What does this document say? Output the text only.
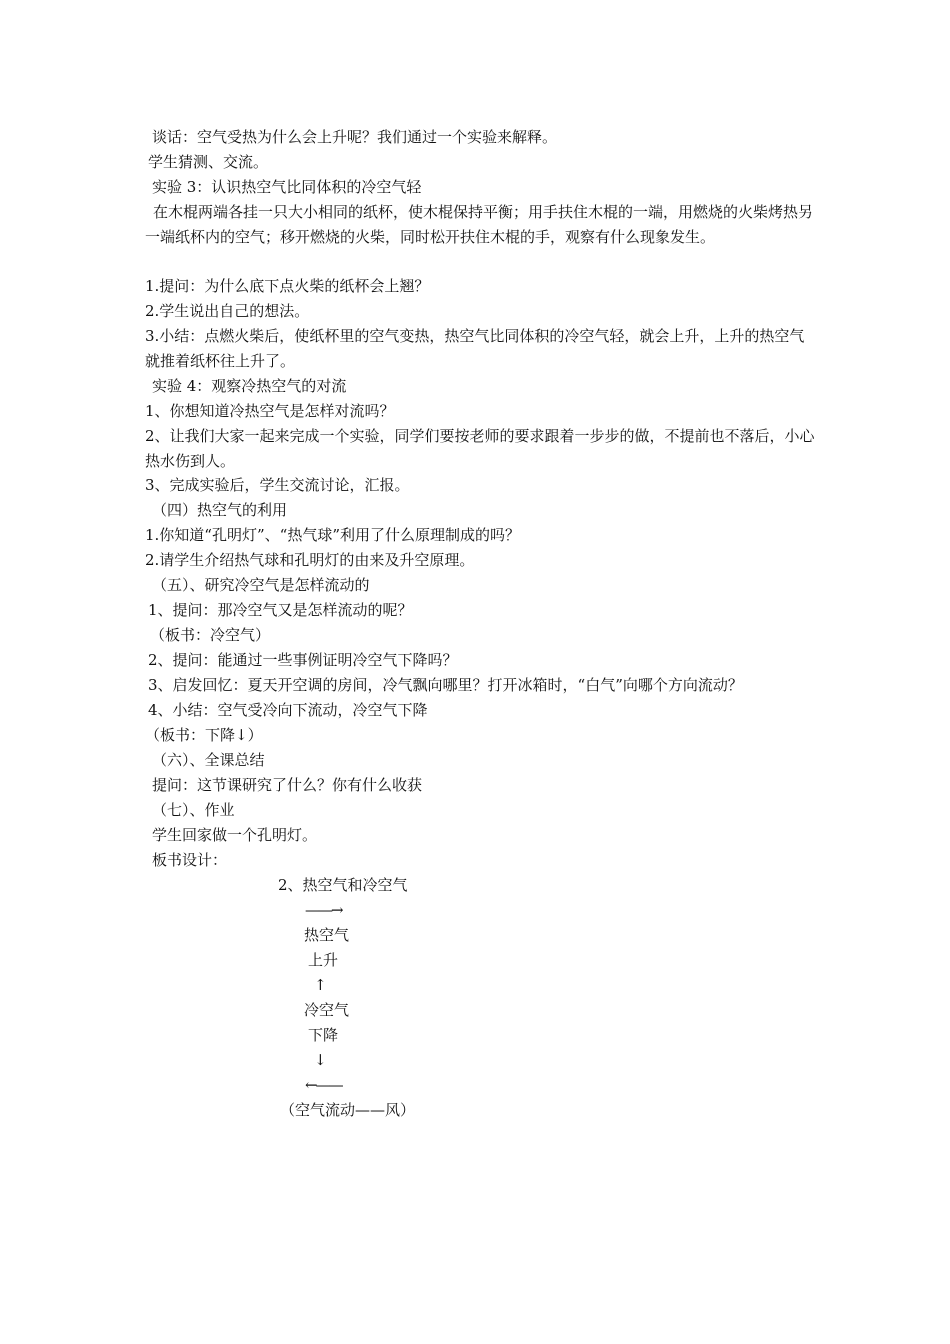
谈话：空气受热为什么会上升呢？我们通过一个实验来解释。
学生猜测、交流。
实验 3：认识热空气比同体积的冷空气轻
在木棍两端各挂一只大小相同的纸杯，使木棍保持平衡；用手扶住木棍的一端，用燃烧的火柴烤热另一端纸杯内的空气；移开燃烧的火柴，同时松开扶住木棍的手，观察有什么现象发生。
1.提问：为什么底下点火柴的纸杯会上翘？
2.学生说出自己的想法。
3.小结：点燃火柴后，使纸杯里的空气变热，热空气比同体积的冷空气轻，就会上升，上升的热空气就推着纸杯往上升了。
实验 4：观察冷热空气的对流
1、你想知道冷热空气是怎样对流吗？
2、让我们大家一起来完成一个实验，同学们要按老师的要求跟着一步步的做，不提前也不落后，小心热水伤到人。
3、完成实验后，学生交流讨论，汇报。
（四）热空气的利用
1.你知道“孔明灯”、“热气球”利用了什么原理制成的吗？
2.请学生介绍热气球和孔明灯的由来及升空原理。
（五）、研究冷空气是怎样流动的
1、提问：那冷空气又是怎样流动的呢？
（板书：冷空气）
2、提问：能通过一些事例证明冷空气下降吗？
3、启发回忆：夏天开空调的房间，冷气飘向哪里？打开冰箱时，“白气”向哪个方向流动？
4、小结：空气受冷向下流动，冷空气下降
（板书：下降↓）
（六）、全课总结
提问：这节课研究了什么？你有什么收获
（七）、作业
学生回家做一个孔明灯。
板书设计：
2、热空气和冷空气
——→
热空气
上升
↑
冷空气
下降
↓
←——
（空气流动——风）
